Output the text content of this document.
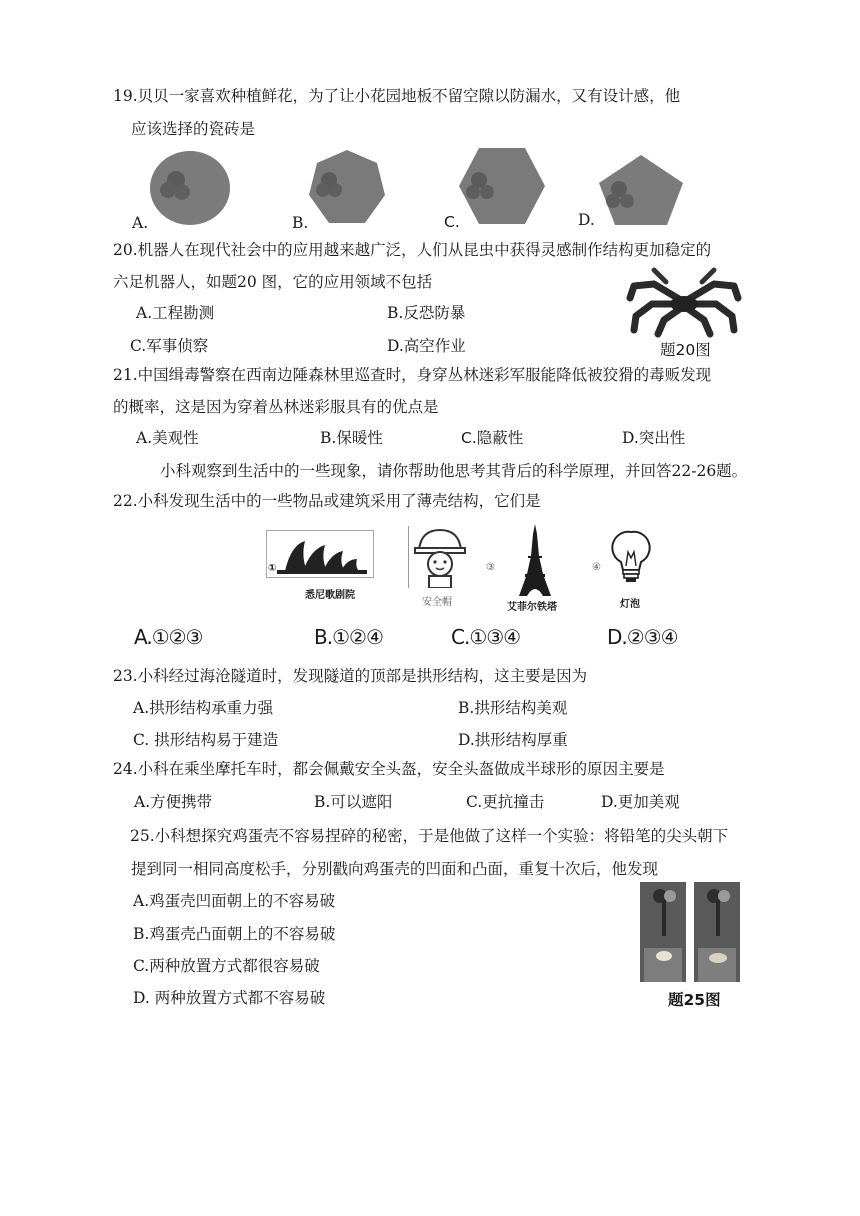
19.贝贝一家喜欢种植鲜花，为了让小花园地板不留空隙以防漏水，又有设计感，他
应该选择的瓷砖是
A.	B.	C.	D.
20.机器人在现代社会中的应用越来越广泛，人们从昆虫中获得灵感制作结构更加稳定的
六足机器人，如题20 图，它的应用领域不包括
A.工程勘测	B.反恐防暴
C.军事侦察	D.高空作业	题20图
21.中国缉毒警察在西南边陲森林里巡查时，身穿丛林迷彩军服能降低被狡猾的毒贩发现
的概率，这是因为穿着丛林迷彩服具有的优点是
A.美观性	B.保暖性	C.隐蔽性	D.突出性
小科观察到生活中的一些现象，请你帮助他思考其背后的科学原理，并回答22-26题。
22.小科发现生活中的一些物品或建筑采用了薄壳结构，它们是
①
悉尼歌剧院
安全帽
③
艾菲尔铁塔
④
灯泡
A.①②③	B.①②④	C.①③④	D.②③④
23.小科经过海沧隧道时，发现隧道的顶部是拱形结构，这主要是因为
A.拱形结构承重力强	B.拱形结构美观
C. 拱形结构易于建造	D.拱形结构厚重
24.小科在乘坐摩托车时，都会佩戴安全头盔，安全头盔做成半球形的原因主要是
A.方便携带	B.可以遮阳	C.更抗撞击	D.更加美观
25.小科想探究鸡蛋壳不容易捏碎的秘密，于是他做了这样一个实验：将铅笔的尖头朝下
提到同一相同高度松手，分别戳向鸡蛋壳的凹面和凸面，重复十次后，他发现
A.鸡蛋壳凹面朝上的不容易破
B.鸡蛋壳凸面朝上的不容易破
C.两种放置方式都很容易破
D. 两种放置方式都不容易破	题25图
